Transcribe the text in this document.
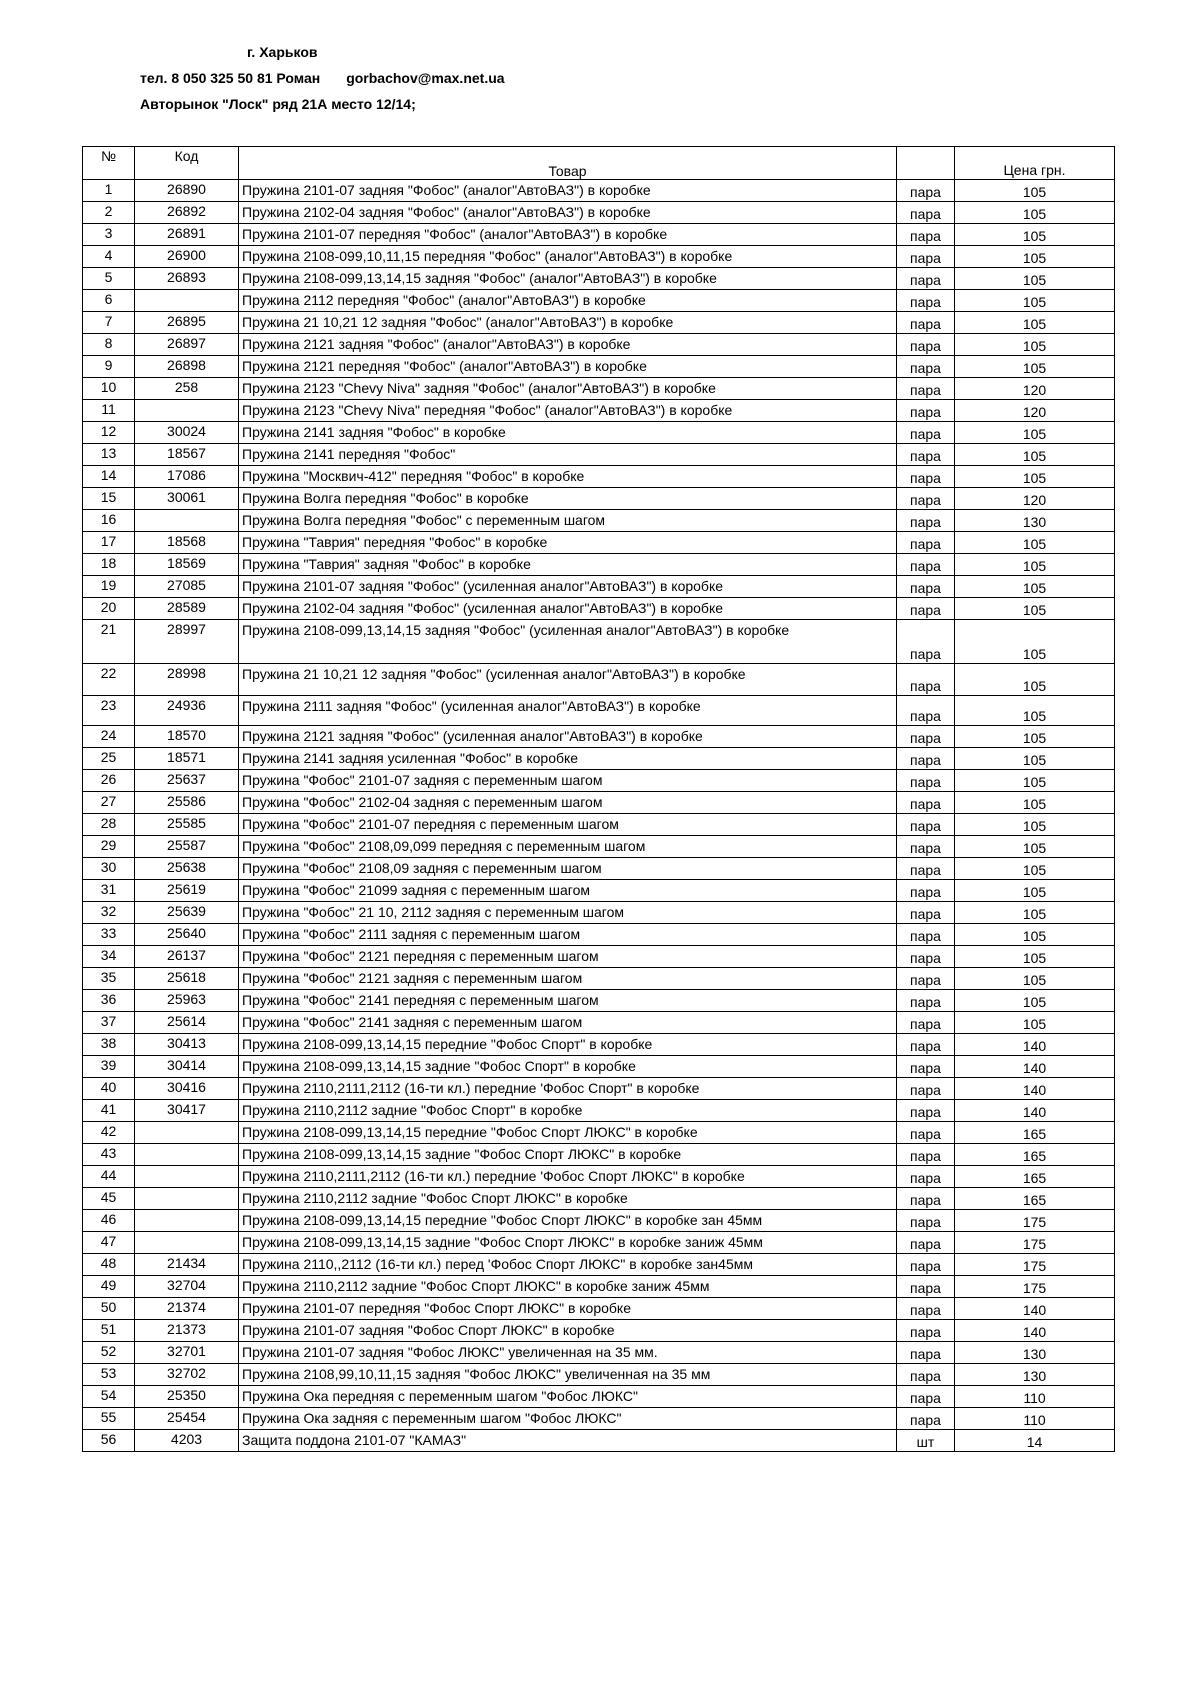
г. Харьков
тел. 8 050 325 50 81 Роман gorbachov@max.net.ua
Авторынок "Лоск" ряд 21А место 12/14;
№	Код	Товар		Цена грн.
1	26890	Пружина 2101-07 задняя "Фобос" (аналог"АвтоВАЗ") в коробке	пара	105
2	26892	Пружина 2102-04 задняя "Фобос" (аналог"АвтоВАЗ") в коробке	пара	105
3	26891	Пружина 2101-07 передняя "Фобос" (аналог"АвтоВАЗ") в коробке	пара	105
4	26900	Пружина 2108-099,10,11,15 передняя "Фобос" (аналог"АвтоВАЗ") в коробке	пара	105
5	26893	Пружина 2108-099,13,14,15 задняя "Фобос" (аналог"АвтоВАЗ") в коробке	пара	105
6		Пружина 2112 передняя "Фобос" (аналог"АвтоВАЗ") в коробке	пара	105
7	26895	Пружина 21 10,21 12 задняя "Фобос" (аналог"АвтоВАЗ") в коробке	пара	105
8	26897	Пружина 2121 задняя "Фобос" (аналог"АвтоВАЗ") в коробке	пара	105
9	26898	Пружина 2121 передняя "Фобос" (аналог"АвтоВАЗ") в коробке	пара	105
10	258	Пружина 2123 "Chevy Niva" задняя "Фобос" (аналог"АвтоВАЗ") в коробке	пара	120
11		Пружина 2123 "Chevy Niva" передняя "Фобос" (аналог"АвтоВАЗ") в коробке	пара	120
12	30024	Пружина 2141 задняя "Фобос" в коробке	пара	105
13	18567	Пружина 2141 передняя "Фобос"	пара	105
14	17086	Пружина "Москвич-412" передняя "Фобос" в коробке	пара	105
15	30061	Пружина Волга передняя "Фобос" в коробке	пара	120
16		Пружина Волга передняя "Фобос" с переменным шагом	пара	130
17	18568	Пружина "Таврия" передняя "Фобос" в коробке	пара	105
18	18569	Пружина "Таврия" задняя "Фобос" в коробке	пара	105
19	27085	Пружина 2101-07 задняя "Фобос" (усиленная аналог"АвтоВАЗ") в коробке	пара	105
20	28589	Пружина 2102-04 задняя "Фобос" (усиленная аналог"АвтоВАЗ") в коробке	пара	105
21	28997	Пружина 2108-099,13,14,15 задняя "Фобос" (усиленная аналог"АвтоВАЗ") в коробке	пара	105
22	28998	Пружина 21 10,21 12 задняя "Фобос" (усиленная аналог"АвтоВАЗ") в коробке	пара	105
23	24936	Пружина 2111 задняя "Фобос" (усиленная аналог"АвтоВАЗ") в коробке	пара	105
24	18570	Пружина 2121 задняя "Фобос" (усиленная аналог"АвтоВАЗ") в коробке	пара	105
25	18571	Пружина 2141 задняя усиленная "Фобос" в коробке	пара	105
26	25637	Пружина "Фобос" 2101-07 задняя с переменным шагом	пара	105
27	25586	Пружина "Фобос" 2102-04 задняя с переменным шагом	пара	105
28	25585	Пружина "Фобос" 2101-07 передняя с переменным шагом	пара	105
29	25587	Пружина "Фобос" 2108,09,099 передняя с переменным шагом	пара	105
30	25638	Пружина "Фобос" 2108,09 задняя с переменным шагом	пара	105
31	25619	Пружина "Фобос" 21099 задняя с переменным шагом	пара	105
32	25639	Пружина "Фобос" 21 10, 2112 задняя с переменным шагом	пара	105
33	25640	Пружина "Фобос" 2111 задняя с переменным шагом	пара	105
34	26137	Пружина "Фобос" 2121 передняя с переменным шагом	пара	105
35	25618	Пружина "Фобос" 2121 задняя с переменным шагом	пара	105
36	25963	Пружина "Фобос" 2141 передняя с переменным шагом	пара	105
37	25614	Пружина "Фобос" 2141 задняя с переменным шагом	пара	105
38	30413	Пружина 2108-099,13,14,15 передние "Фобос Спорт" в коробке	пара	140
39	30414	Пружина 2108-099,13,14,15 задние "Фобос Спорт" в коробке	пара	140
40	30416	Пружина 2110,2111,2112 (16-ти кл.) передние 'Фобос Спорт" в коробке	пара	140
41	30417	Пружина 2110,2112 задние "Фобос Спорт" в коробке	пара	140
42		Пружина 2108-099,13,14,15 передние "Фобос Спорт ЛЮКС" в коробке	пара	165
43		Пружина 2108-099,13,14,15 задние "Фобос Спорт ЛЮКС" в коробке	пара	165
44		Пружина 2110,2111,2112 (16-ти кл.) передние 'Фобос Спорт ЛЮКС" в коробке	пара	165
45		Пружина 2110,2112 задние "Фобос Спорт ЛЮКС" в коробке	пара	165
46		Пружина 2108-099,13,14,15 передние "Фобос Спорт ЛЮКС" в коробке зан 45мм	пара	175
47		Пружина 2108-099,13,14,15 задние "Фобос Спорт ЛЮКС" в коробке заниж 45мм	пара	175
48	21434	Пружина 2110,,2112 (16-ти кл.) перед 'Фобос Спорт ЛЮКС" в коробке зан45мм	пара	175
49	32704	Пружина 2110,2112 задние "Фобос Спорт ЛЮКС" в коробке заниж 45мм	пара	175
50	21374	Пружина 2101-07 передняя "Фобос Спорт ЛЮКС" в коробке	пара	140
51	21373	Пружина 2101-07 задняя "Фобос Спорт ЛЮКС" в коробке	пара	140
52	32701	Пружина 2101-07 задняя "Фобос ЛЮКС" увеличенная на 35 мм.	пара	130
53	32702	Пружина 2108,99,10,11,15 задняя "Фобос ЛЮКС" увеличенная на 35 мм	пара	130
54	25350	Пружина Ока передняя с переменным шагом "Фобос ЛЮКС"	пара	110
55	25454	Пружина Ока задняя с переменным шагом "Фобос ЛЮКС"	пара	110
56	4203	Защита поддона 2101-07 "КАМАЗ"	шт	14
